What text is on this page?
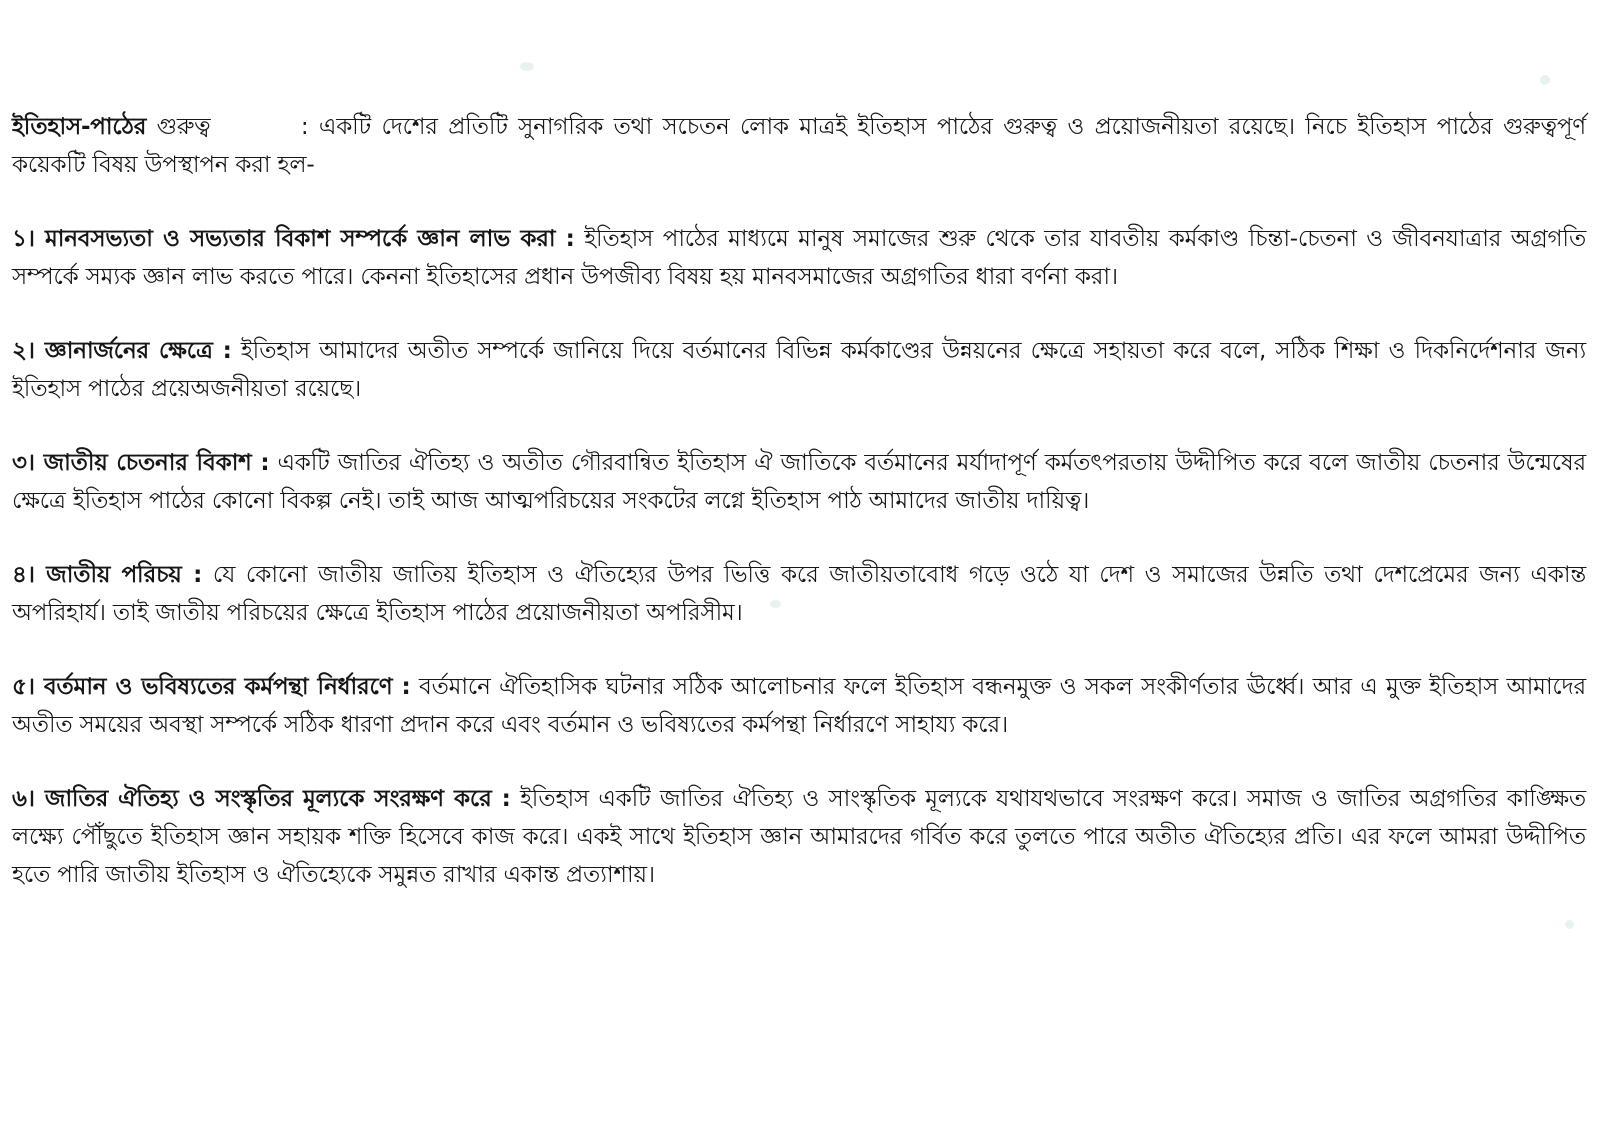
ইতিহাস-পাঠের গুরুত্ব	: একটি দেশের প্রতিটি সুনাগরিক তথা সচেতন লোক মাত্রই ইতিহাস পাঠের গুরুত্ব ও প্রয়োজনীয়তা রয়েছে। নিচে ইতিহাস পাঠের গুরুত্বপূর্ণ কয়েকটি বিষয় উপস্থাপন করা হল-

১। মানবসভ্যতা ও সভ্যতার বিকাশ সম্পর্কে জ্ঞান লাভ করা : ইতিহাস পাঠের মাধ্যমে মানুষ সমাজের শুরু থেকে তার যাবতীয় কর্মকাণ্ড চিন্তা-চেতনা ও জীবনযাত্রার অগ্রগতি সম্পর্কে সম্যক জ্ঞান লাভ করতে পারে। কেননা ইতিহাসের প্রধান উপজীব্য বিষয় হয় মানবসমাজের অগ্রগতির ধারা বর্ণনা করা।

২। জ্ঞানার্জনের ক্ষেত্রে : ইতিহাস আমাদের অতীত সম্পর্কে জানিয়ে দিয়ে বর্তমানের বিভিন্ন কর্মকাণ্ডের উন্নয়নের ক্ষেত্রে সহায়তা করে বলে, সঠিক শিক্ষা ও দিকনির্দেশনার জন্য ইতিহাস পাঠের প্রয়েঅজনীয়তা রয়েছে।

৩। জাতীয় চেতনার বিকাশ : একটি জাতির ঐতিহ্য ও অতীত গৌরবান্বিত ইতিহাস ঐ জাতিকে বর্তমানের মর্যাদাপূর্ণ কর্মতৎপরতায় উদ্দীপিত করে বলে জাতীয় চেতনার উন্মেষের ক্ষেত্রে ইতিহাস পাঠের কোনো বিকল্প নেই। তাই আজ আত্মপরিচয়ের সংকটের লগ্নে ইতিহাস পাঠ আমাদের জাতীয় দায়িত্ব।

৪। জাতীয় পরিচয় : যে কোনো জাতীয় জাতিয় ইতিহাস ও ঐতিহ্যের উপর ভিত্তি করে জাতীয়তাবোধ গড়ে ওঠে যা দেশ ও সমাজের উন্নতি তথা দেশপ্রেমের জন্য একান্ত অপরিহার্য। তাই জাতীয় পরিচয়ের ক্ষেত্রে ইতিহাস পাঠের প্রয়োজনীয়তা অপরিসীম।

৫। বর্তমান ও ভবিষ্যতের কর্মপন্থা নির্ধারণে : বর্তমানে ঐতিহাসিক ঘটনার সঠিক আলোচনার ফলে ইতিহাস বন্ধনমুক্ত ও সকল সংকীর্ণতার ঊর্ধ্বে। আর এ মুক্ত ইতিহাস আমাদের অতীত সময়ের অবস্থা সম্পর্কে সঠিক ধারণা প্রদান করে এবং বর্তমান ও ভবিষ্যতের কর্মপন্থা নির্ধারণে সাহায্য করে।

৬। জাতির ঐতিহ্য ও সংস্কৃতির মূল্যকে সংরক্ষণ করে : ইতিহাস একটি জাতির ঐতিহ্য ও সাংস্কৃতিক মূল্যকে যথাযথভাবে সংরক্ষণ করে। সমাজ ও জাতির অগ্রগতির কাঙ্ক্ষিত লক্ষ্যে পৌঁছুতে ইতিহাস জ্ঞান সহায়ক শক্তি হিসেবে কাজ করে। একই সাথে ইতিহাস জ্ঞান আমারদের গর্বিত করে তুলতে পারে অতীত ঐতিহ্যের প্রতি। এর ফলে আমরা উদ্দীপিত হতে পারি জাতীয় ইতিহাস ও ঐতিহ্যেকে সমুন্নত রাখার একান্ত প্রত্যাশায়।
